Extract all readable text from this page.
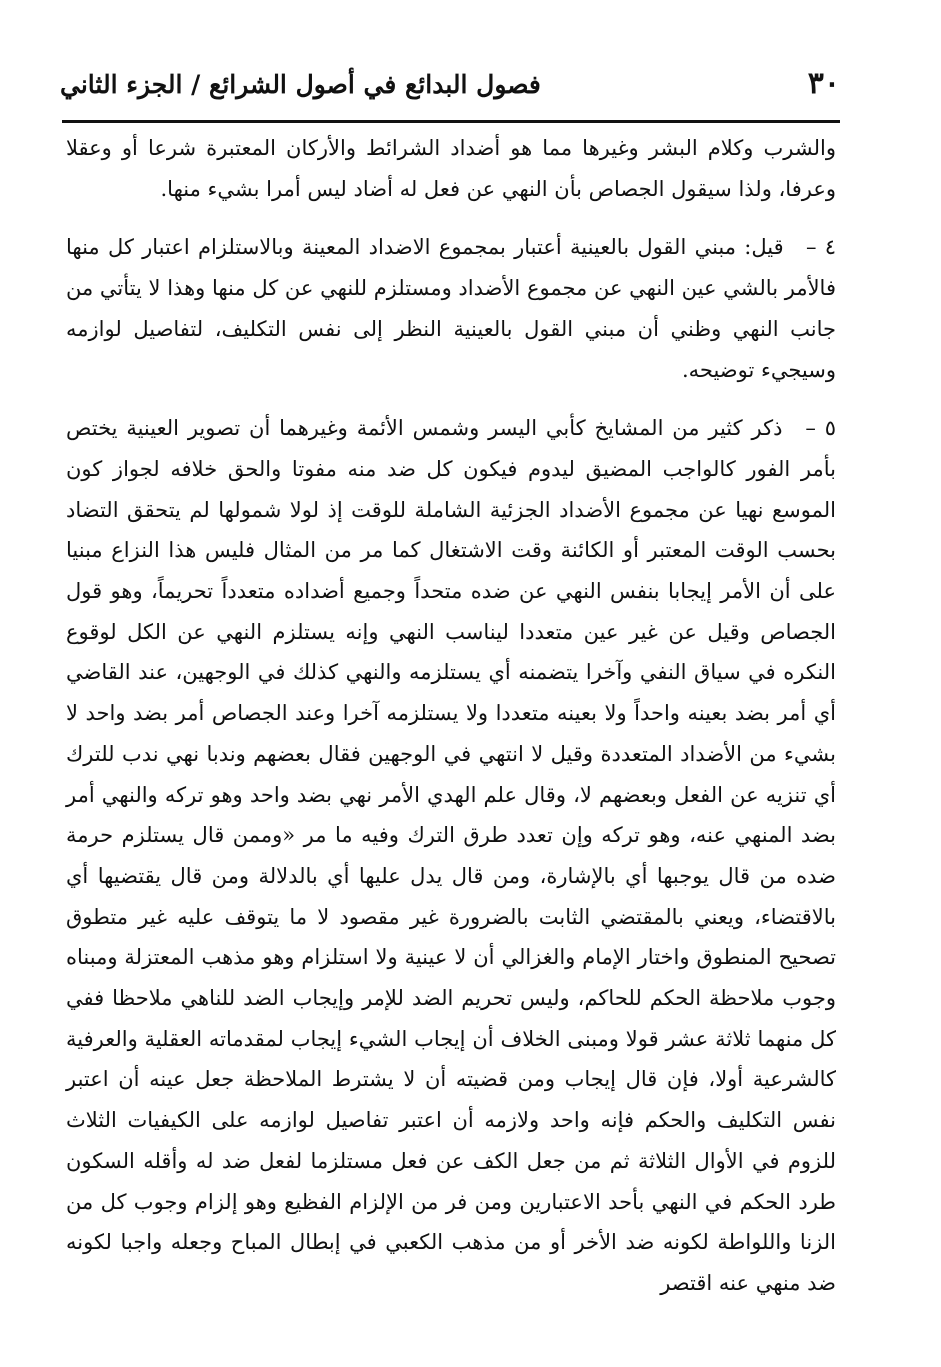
٣٠
فصول البدائع في أصول الشرائع / الجزء الثاني

والشرب وكلام البشر وغيرها مما هو أضداد الشرائط والأركان المعتبرة شرعا أو وعقلا وعرفا، ولذا سيقول الجصاص بأن النهي عن فعل له أضاد ليس أمرا بشيء منها.

٤ – قيل: مبني القول بالعينية أعتبار بمجموع الاضداد المعينة وبالاستلزام اعتبار كل منها فالأمر بالشي عين النهي عن مجموع الأضداد ومستلزم للنهي عن كل منها وهذا لا يتأتي من جانب النهي وظني أن مبني القول بالعينية النظر إلى نفس التكليف، لتفاصيل لوازمه وسيجيء توضيحه.

٥ – ذكر كثير من المشايخ كأبي اليسر وشمس الأئمة وغيرهما أن تصوير العينية يختص بأمر الفور كالواجب المضيق ليدوم فيكون كل ضد منه مفوتا والحق خلافه لجواز كون الموسع نهيا عن مجموع الأضداد الجزئية الشاملة للوقت إذ لولا شمولها لم يتحقق التضاد بحسب الوقت المعتبر أو الكائنة وقت الاشتغال كما مر من المثال فليس هذا النزاع مبنيا على أن الأمر إيجابا بنفس النهي عن ضده متحداً وجميع أضداده متعدداً تحريماً، وهو قول الجصاص وقيل عن غير عين متعددا ليناسب النهي وإنه يستلزم النهي عن الكل لوقوع النكره في سياق النفي وآخرا يتضمنه أي يستلزمه والنهي كذلك في الوجهين، عند القاضي أي أمر بضد بعينه واحداً ولا بعينه متعددا ولا يستلزمه آخرا وعند الجصاص أمر بضد واحد لا بشيء من الأضداد المتعددة وقيل لا انتهي في الوجهين فقال بعضهم وندبا نهي ندب للترك أي تنزيه عن الفعل وبعضهم لا، وقال علم الهدي الأمر نهي بضد واحد وهو تركه والنهي أمر بضد المنهي عنه، وهو تركه وإن تعدد طرق الترك وفيه ما مر «وممن قال يستلزم حرمة ضده من قال يوجبها أي بالإشارة، ومن قال يدل عليها أي بالدلالة ومن قال يقتضيها أي بالاقتضاء، ويعني بالمقتضي الثابت بالضرورة غير مقصود لا ما يتوقف عليه غير متطوق تصحيح المنطوق واختار الإمام والغزالي أن لا عينية ولا استلزام وهو مذهب المعتزلة ومبناه وجوب ملاحظة الحكم للحاكم، وليس تحريم الضد للإمر وإيجاب الضد للناهي ملاحظا ففي كل منهما ثلاثة عشر قولا ومبنى الخلاف أن إيجاب الشيء إيجاب لمقدماته العقلية والعرفية كالشرعية أولا، فإن قال إيجاب ومن قضيته أن لا يشترط الملاحظة جعل عينه أن اعتبر نفس التكليف والحكم فإنه واحد ولازمه أن اعتبر تفاصيل لوازمه على الكيفيات الثلاث للزوم في الأوال الثلاثة ثم من جعل الكف عن فعل مستلزما لفعل ضد له وأقله السكون طرد الحكم في النهي بأحد الاعتبارين ومن فر من الإلزام الفظيع وهو إلزام وجوب كل من الزنا واللواطة لكونه ضد الأخر أو من مذهب الكعبي في إبطال المباح وجعله واجبا لكونه ضد منهي عنه اقتصر
